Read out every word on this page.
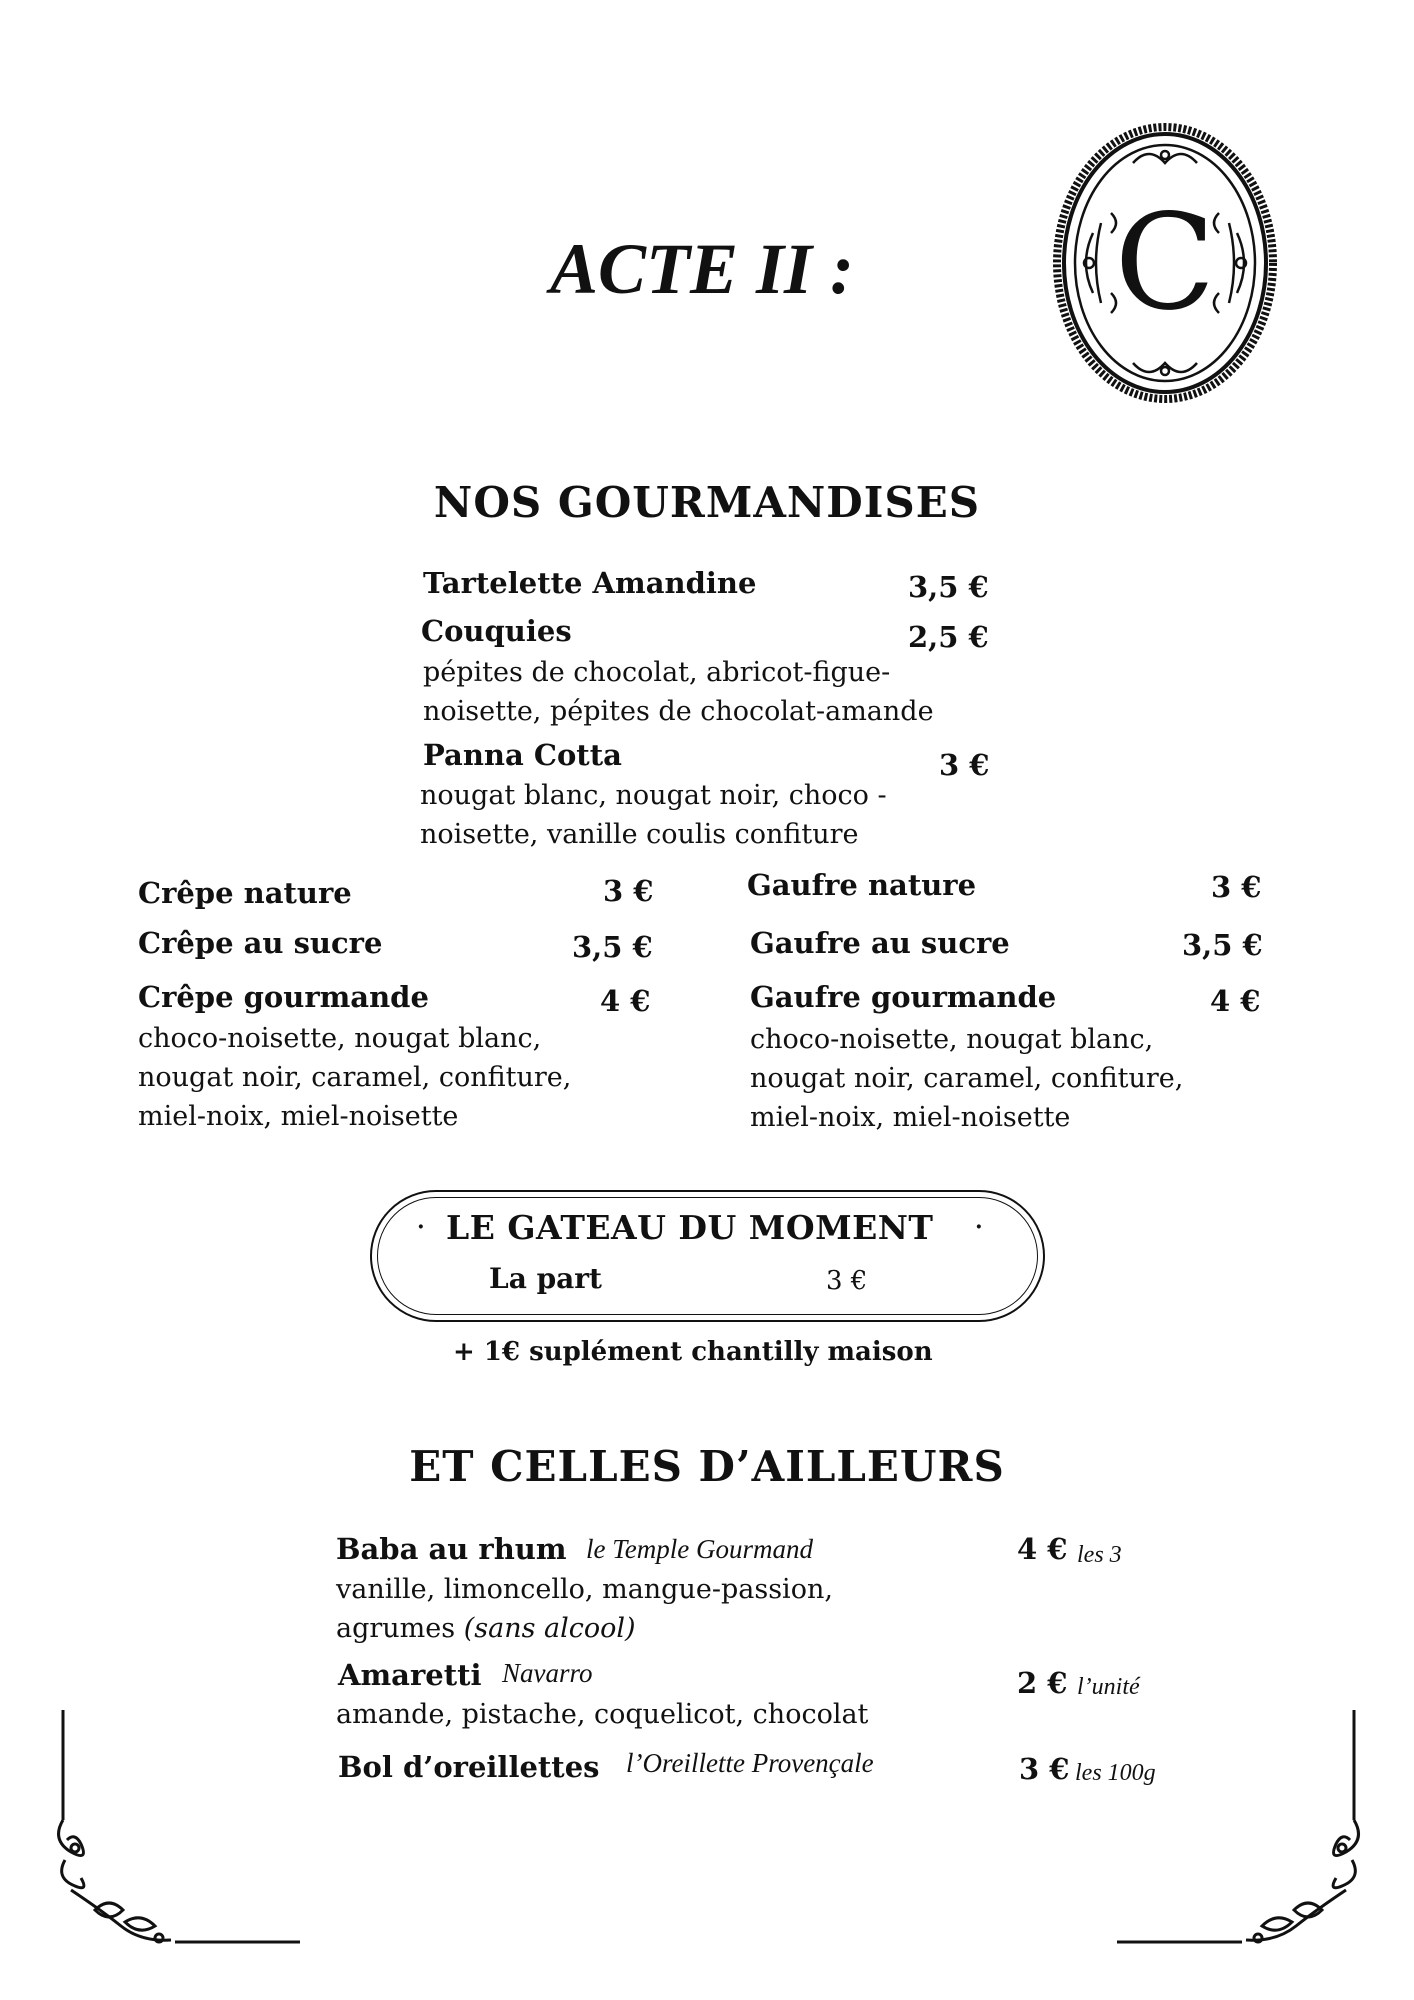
ACTE II :	C
NOS GOURMANDISES
Tartelette Amandine	3,5 €
Couquies	2,5 €
pépites de chocolat, abricot-figue-
noisette, pépites de chocolat-amande
Panna Cotta	3 €
nougat blanc, nougat noir, choco -
noisette, vanille coulis confiture
Crêpe nature	3 €
Crêpe au sucre	3,5 €
Crêpe gourmande	4 €
choco-noisette, nougat blanc,
nougat noir, caramel, confiture,
miel-noix, miel-noisette
Gaufre nature	3 €
Gaufre au sucre	3,5 €
Gaufre gourmande	4 €
choco-noisette, nougat blanc,
nougat noir, caramel, confiture,
miel-noix, miel-noisette
· LE GATEAU DU MOMENT ·
La part	3 €
+ 1€ suplément chantilly maison
ET CELLES D’AILLEURS
Baba au rhum le Temple Gourmand	4 € les 3
vanille, limoncello, mangue-passion,
agrumes (sans alcool)
Amaretti Navarro	2 € l’unité
amande, pistache, coquelicot, chocolat
Bol d’oreillettes l’Oreillette Provençale	3 € les 100g
